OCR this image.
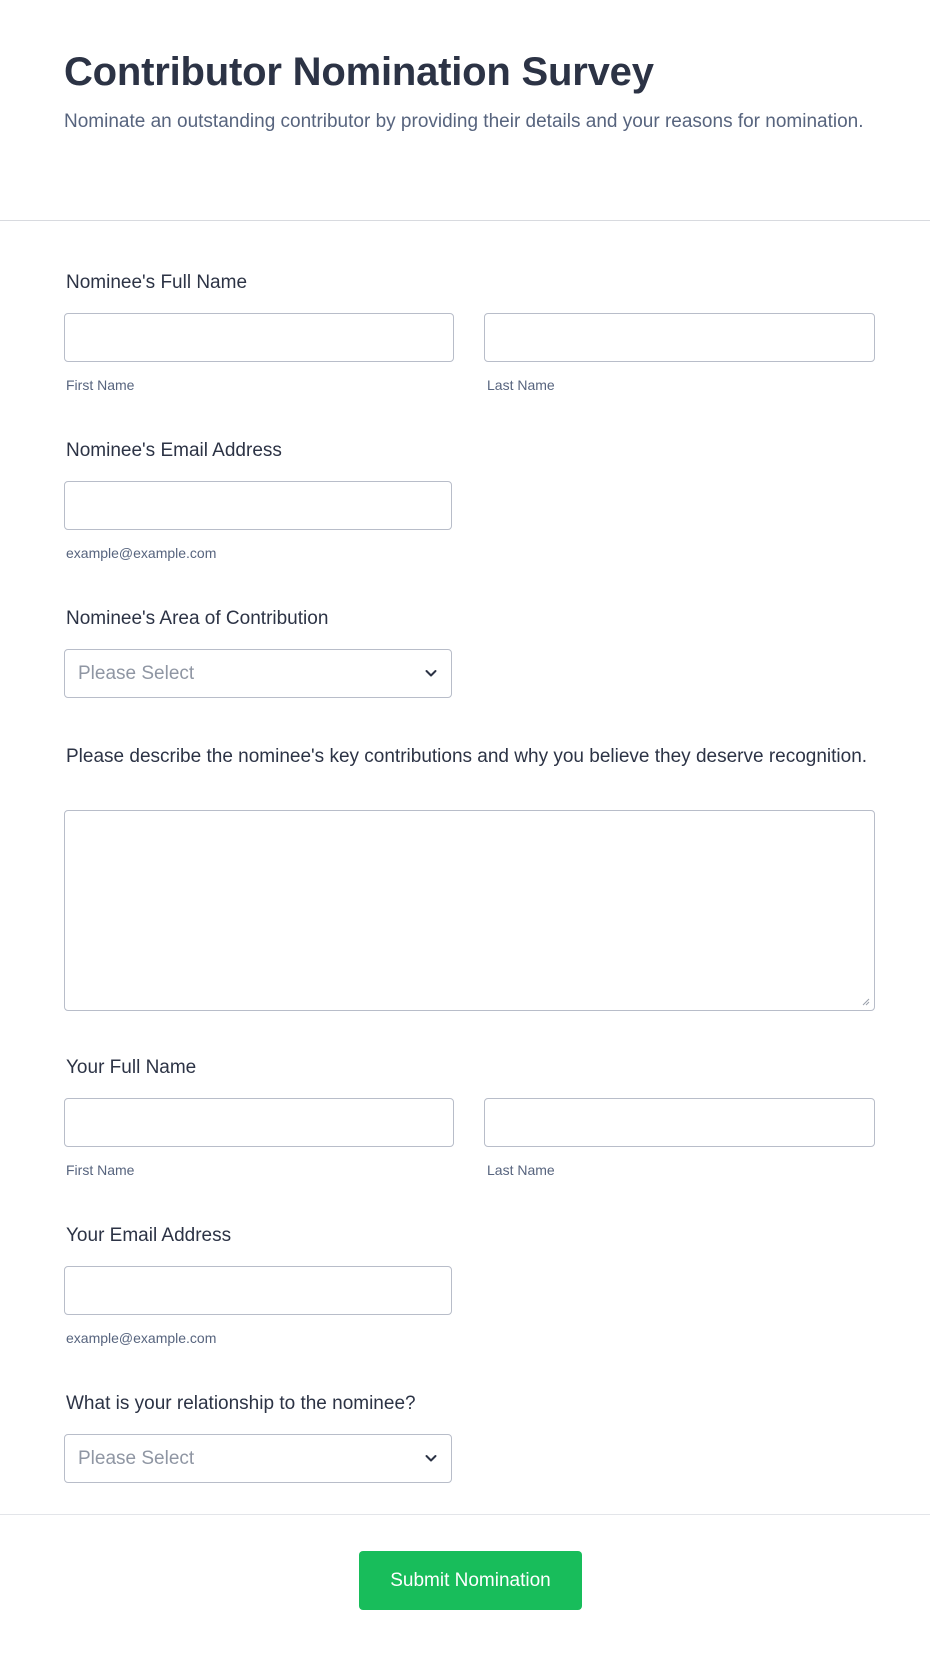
Contributor Nomination Survey
Nominate an outstanding contributor by providing their details and your reasons for nomination.
Nominee's Full Name
First Name	Last Name
Nominee's Email Address
example@example.com
Nominee's Area of Contribution
Please Select
Please describe the nominee's key contributions and why you believe they deserve recognition.
Your Full Name
First Name	Last Name
Your Email Address
example@example.com
What is your relationship to the nominee?
Please Select
Submit Nomination
